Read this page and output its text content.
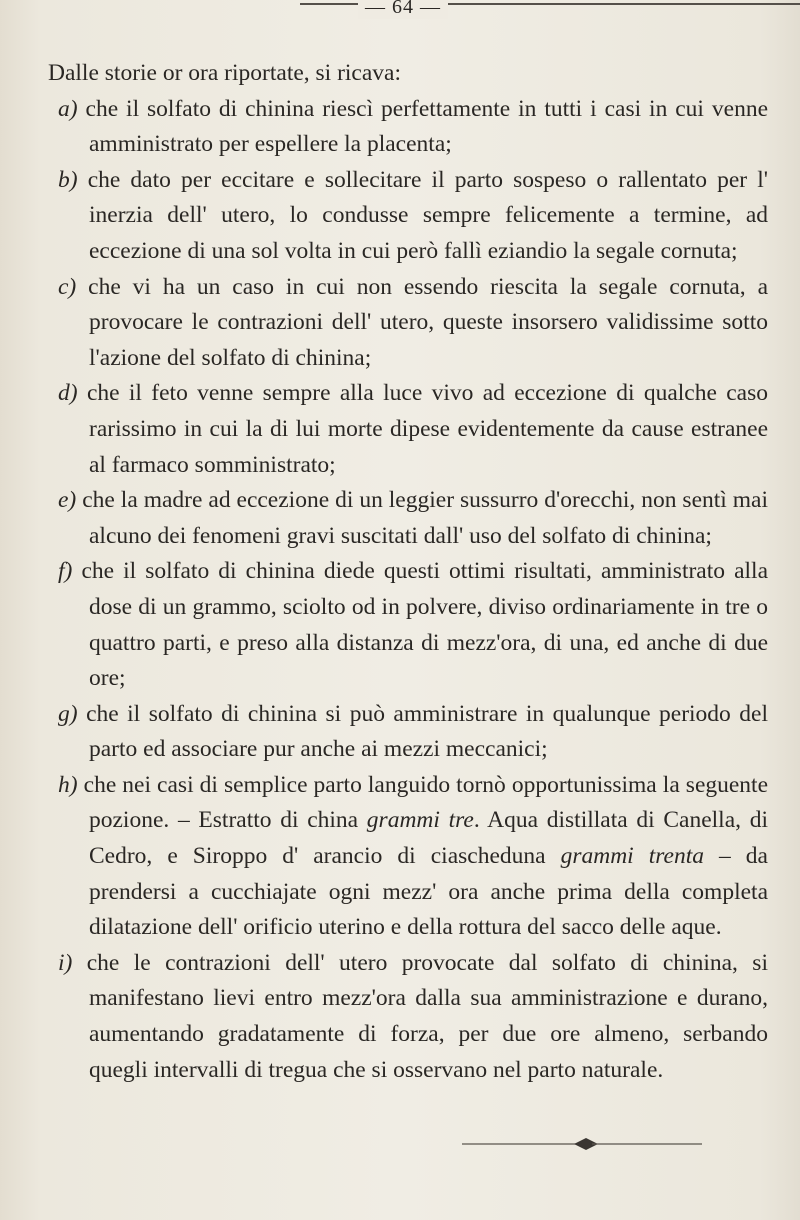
— 64 —

Dalle storie or ora riportate, si ricava:

a) che il solfato di chinina riescì perfettamente in tutti i casi in cui venne amministrato per espellere la placenta;

b) che dato per eccitare e sollecitare il parto sospeso o rallentato per l' inerzia dell' utero, lo condusse sempre felicemente a termine, ad eccezione di una sol volta in cui però fallì eziandio la segale cornuta;

c) che vi ha un caso in cui non essendo riescita la segale cornuta, a provocare le contrazioni dell' utero, queste insorsero validissime sotto l'azione del solfato di chinina;

d) che il feto venne sempre alla luce vivo ad eccezione di qualche caso rarissimo in cui la di lui morte dipese evidentemente da cause estranee al farmaco somministrato;

e) che la madre ad eccezione di un leggier sussurro d'orecchi, non sentì mai alcuno dei fenomeni gravi suscitati dall' uso del solfato di chinina;

f) che il solfato di chinina diede questi ottimi risultati, amministrato alla dose di un grammo, sciolto od in polvere, diviso ordinariamente in tre o quattro parti, e preso alla distanza di mezz'ora, di una, ed anche di due ore;

g) che il solfato di chinina si può amministrare in qualunque periodo del parto ed associare pur anche ai mezzi meccanici;

h) che nei casi di semplice parto languido tornò opportunissima la seguente pozione. – Estratto di china grammi tre. Aqua distillata di Canella, di Cedro, e Siroppo d' arancio di ciascheduna grammi trenta – da prendersi a cucchiajate ogni mezz' ora anche prima della completa dilatazione dell' orificio uterino e della rottura del sacco delle aque.

i) che le contrazioni dell' utero provocate dal solfato di chinina, si manifestano lievi entro mezz'ora dalla sua amministrazione e durano, aumentando gradatamente di forza, per due ore almeno, serbando quegli intervalli di tregua che si osservano nel parto naturale.
